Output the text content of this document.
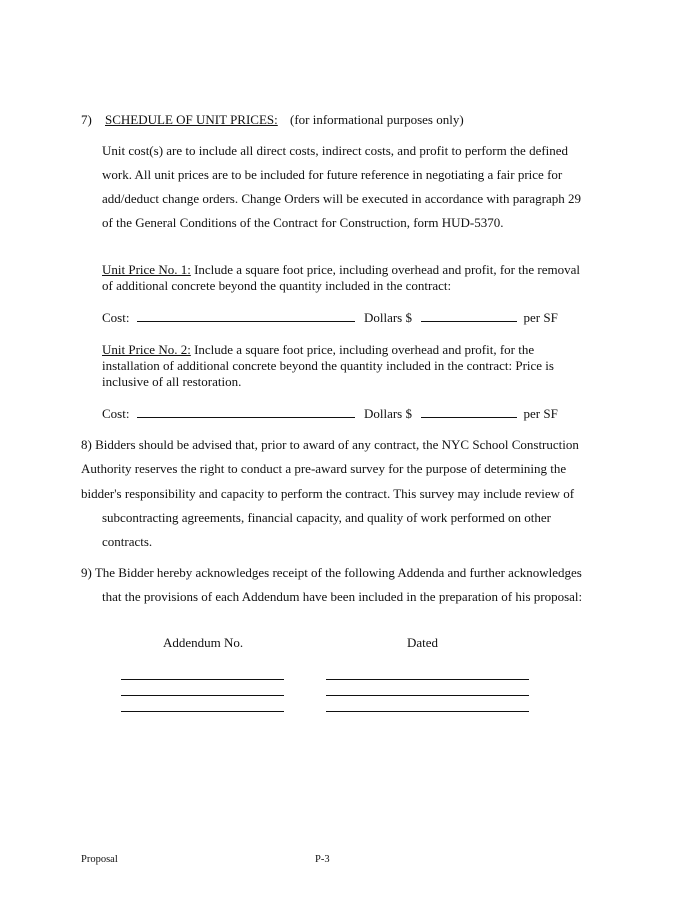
7) SCHEDULE OF UNIT PRICES: (for informational purposes only)
Unit cost(s) are to include all direct costs, indirect costs, and profit to perform the defined
work. All unit prices are to be included for future reference in negotiating a fair price for
add/deduct change orders. Change Orders will be executed in accordance with paragraph 29
of the General Conditions of the Contract for Construction, form HUD-5370.
Unit Price No. 1: Include a square foot price, including overhead and profit, for the removal
of additional concrete beyond the quantity included in the contract:
Cost:	Dollars $	per SF
Unit Price No. 2: Include a square foot price, including overhead and profit, for the
installation of additional concrete beyond the quantity included in the contract: Price is
inclusive of all restoration.
Cost:	Dollars $	per SF
8) Bidders should be advised that, prior to award of any contract, the NYC School Construction
Authority reserves the right to conduct a pre-award survey for the purpose of determining the
bidder's responsibility and capacity to perform the contract. This survey may include review of
subcontracting agreements, financial capacity, and quality of work performed on other
contracts.
9) The Bidder hereby acknowledges receipt of the following Addenda and further acknowledges
that the provisions of each Addendum have been included in the preparation of his proposal:
Addendum No.	Dated
Proposal	P-3
